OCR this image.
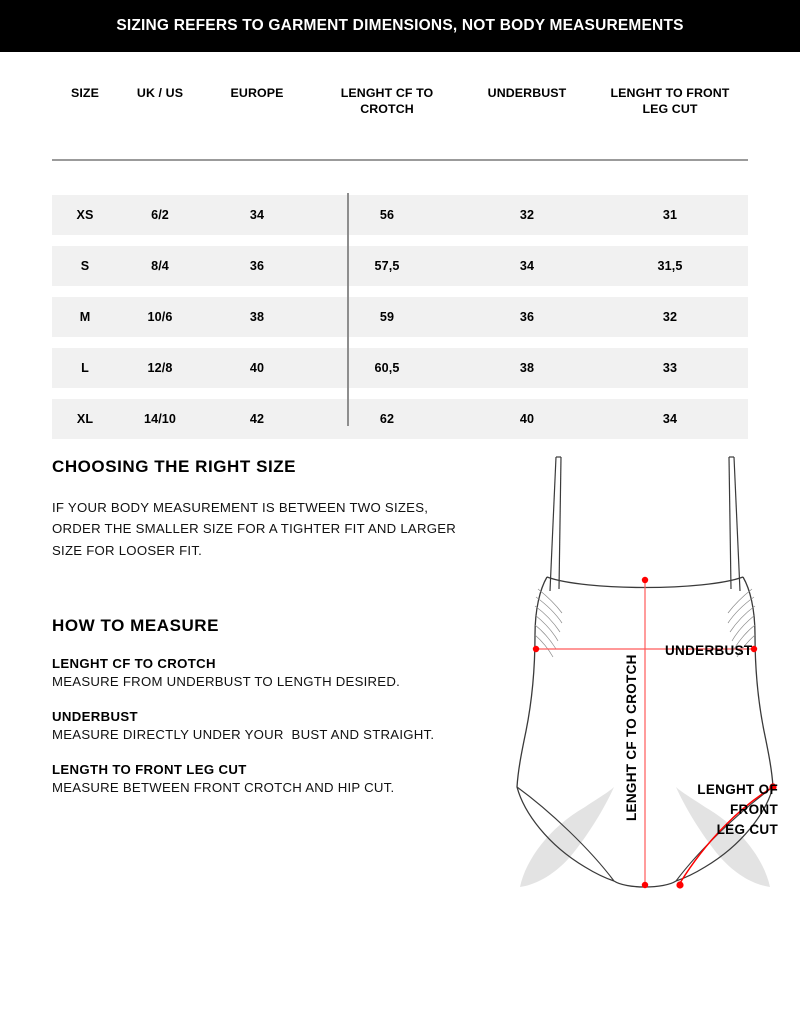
SIZING REFERS TO GARMENT DIMENSIONS, NOT BODY MEASUREMENTS
SIZE	UK / US	EUROPE	LENGHT CF TO CROTCH	UNDERBUST	LENGHT TO FRONT LEG CUT

XS	6/2	34	56	32	31

S	8/4	36	57,5	34	31,5

M	10/6	38	59	36	32

L	12/8	40	60,5	38	33

XL	14/10	42	62	40	34
CHOOSING THE RIGHT SIZE

IF YOUR BODY MEASUREMENT IS BETWEEN TWO SIZES, ORDER THE SMALLER SIZE FOR A TIGHTER FIT AND LARGER SIZE FOR LOOSER FIT.

HOW TO MEASURE

LENGHT CF TO CROTCH

MEASURE FROM UNDERBUST TO LENGTH DESIRED.

UNDERBUST

MEASURE DIRECTLY UNDER YOUR  BUST AND STRAIGHT.

LENGTH TO FRONT LEG CUT

MEASURE BETWEEN FRONT CROTCH AND HIP CUT.

UNDERBUST
LENGHT CF TO CROTCH	LENGHT OF
FRONT
LEG CUT
